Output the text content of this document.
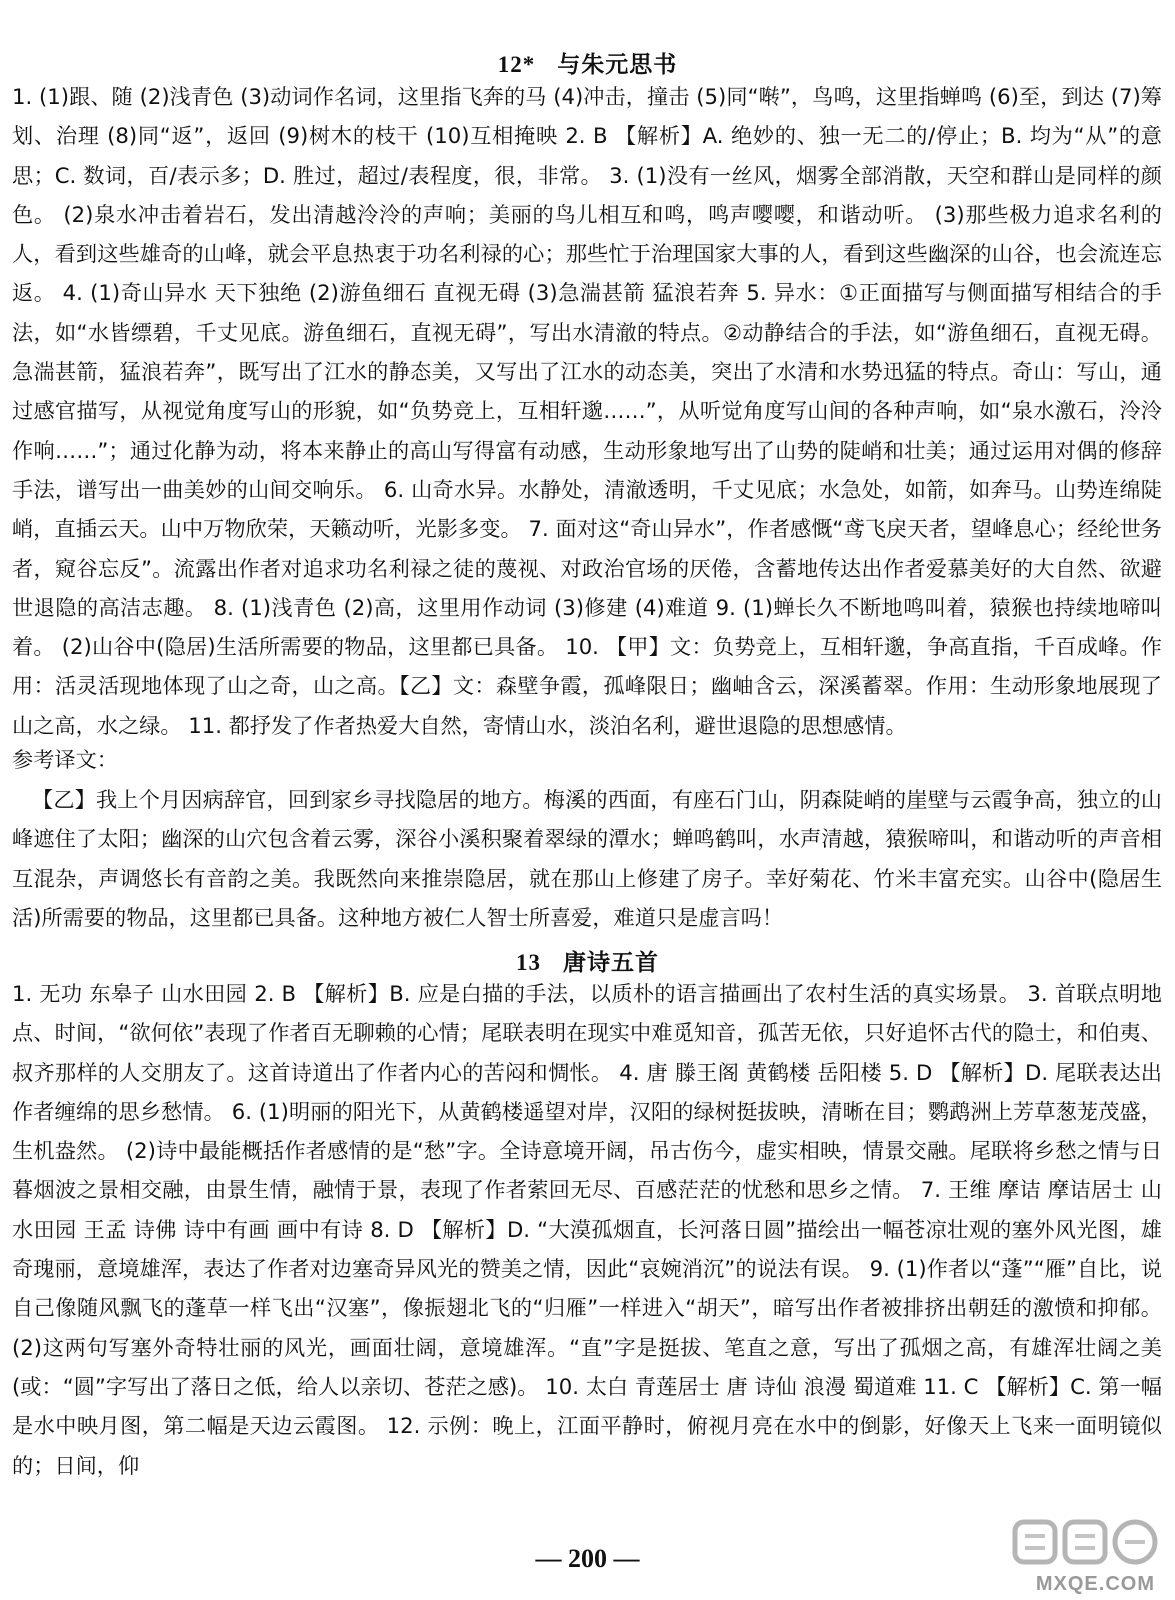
12* 与朱元思书

1. (1)跟、随 (2)浅青色 (3)动词作名词，这里指飞奔的马 (4)冲击，撞击 (5)同“啭”，鸟鸣，这里指蝉鸣 (6)至，到达 (7)筹划、治理 (8)同“返”，返回 (9)树木的枝干 (10)互相掩映 2. B 【解析】A. 绝妙的、独一无二的/停止；B. 均为“从”的意思；C. 数词，百/表示多；D. 胜过，超过/表程度，很，非常。 3. (1)没有一丝风，烟雾全部消散，天空和群山是同样的颜色。 (2)泉水冲击着岩石，发出清越泠泠的声响；美丽的鸟儿相互和鸣，鸣声嘤嘤，和谐动听。 (3)那些极力追求名利的人，看到这些雄奇的山峰，就会平息热衷于功名利禄的心；那些忙于治理国家大事的人，看到这些幽深的山谷，也会流连忘返。 4. (1)奇山异水 天下独绝 (2)游鱼细石 直视无碍 (3)急湍甚箭 猛浪若奔 5. 异水：①正面描写与侧面描写相结合的手法，如“水皆缥碧，千丈见底。游鱼细石，直视无碍”，写出水清澈的特点。②动静结合的手法，如“游鱼细石，直视无碍。急湍甚箭，猛浪若奔”，既写出了江水的静态美，又写出了江水的动态美，突出了水清和水势迅猛的特点。奇山：写山，通过感官描写，从视觉角度写山的形貌，如“负势竞上，互相轩邈……”，从听觉角度写山间的各种声响，如“泉水激石，泠泠作响……”；通过化静为动，将本来静止的高山写得富有动感，生动形象地写出了山势的陡峭和壮美；通过运用对偶的修辞手法，谱写出一曲美妙的山间交响乐。 6. 山奇水异。水静处，清澈透明，千丈见底；水急处，如箭，如奔马。山势连绵陡峭，直插云天。山中万物欣荣，天籁动听，光影多变。 7. 面对这“奇山异水”，作者感慨“鸢飞戾天者，望峰息心；经纶世务者，窥谷忘反”。流露出作者对追求功名利禄之徒的蔑视、对政治官场的厌倦，含蓄地传达出作者爱慕美好的大自然、欲避世退隐的高洁志趣。 8. (1)浅青色 (2)高，这里用作动词 (3)修建 (4)难道 9. (1)蝉长久不断地鸣叫着，猿猴也持续地啼叫着。 (2)山谷中(隐居)生活所需要的物品，这里都已具备。 10. 【甲】文：负势竞上，互相轩邈，争高直指，千百成峰。作用：活灵活现地体现了山之奇，山之高。【乙】文：森壁争霞，孤峰限日；幽岫含云，深溪蓄翠。作用：生动形象地展现了山之高，水之绿。 11. 都抒发了作者热爱大自然，寄情山水，淡泊名利，避世退隐的思想感情。

参考译文：

【乙】我上个月因病辞官，回到家乡寻找隐居的地方。梅溪的西面，有座石门山，阴森陡峭的崖壁与云霞争高，独立的山峰遮住了太阳；幽深的山穴包含着云雾，深谷小溪积聚着翠绿的潭水；蝉鸣鹤叫，水声清越，猿猴啼叫，和谐动听的声音相互混杂，声调悠长有音韵之美。我既然向来推崇隐居，就在那山上修建了房子。幸好菊花、竹米丰富充实。山谷中(隐居生活)所需要的物品，这里都已具备。这种地方被仁人智士所喜爱，难道只是虚言吗！

13 唐诗五首

1. 无功 东皋子 山水田园 2. B 【解析】B. 应是白描的手法，以质朴的语言描画出了农村生活的真实场景。 3. 首联点明地点、时间，“欲何依”表现了作者百无聊赖的心情；尾联表明在现实中难觅知音，孤苦无依，只好追怀古代的隐士，和伯夷、叔齐那样的人交朋友了。这首诗道出了作者内心的苦闷和惆怅。 4. 唐 滕王阁 黄鹤楼 岳阳楼 5. D 【解析】D. 尾联表达出作者缠绵的思乡愁情。 6. (1)明丽的阳光下，从黄鹤楼遥望对岸，汉阳的绿树挺拔映，清晰在目；鹦鹉洲上芳草葱茏茂盛，生机盎然。 (2)诗中最能概括作者感情的是“愁”字。全诗意境开阔，吊古伤今，虚实相映，情景交融。尾联将乡愁之情与日暮烟波之景相交融，由景生情，融情于景，表现了作者萦回无尽、百感茫茫的忧愁和思乡之情。 7. 王维 摩诘 摩诘居士 山水田园 王孟 诗佛 诗中有画 画中有诗 8. D 【解析】D. “大漠孤烟直，长河落日圆”描绘出一幅苍凉壮观的塞外风光图，雄奇瑰丽，意境雄浑，表达了作者对边塞奇异风光的赞美之情，因此“哀婉消沉”的说法有误。 9. (1)作者以“蓬”“雁”自比，说自己像随风飘飞的蓬草一样飞出“汉塞”，像振翅北飞的“归雁”一样进入“胡天”，暗写出作者被排挤出朝廷的激愤和抑郁。 (2)这两句写塞外奇特壮丽的风光，画面壮阔，意境雄浑。“直”字是挺拔、笔直之意，写出了孤烟之高，有雄浑壮阔之美(或：“圆”字写出了落日之低，给人以亲切、苍茫之感)。 10. 太白 青莲居士 唐 诗仙 浪漫 蜀道难 11. C 【解析】C. 第一幅是水中映月图，第二幅是天边云霞图。 12. 示例：晚上，江面平静时，俯视月亮在水中的倒影，好像天上飞来一面明镜似的；日间，仰

— 200 —
MXQE.COM
